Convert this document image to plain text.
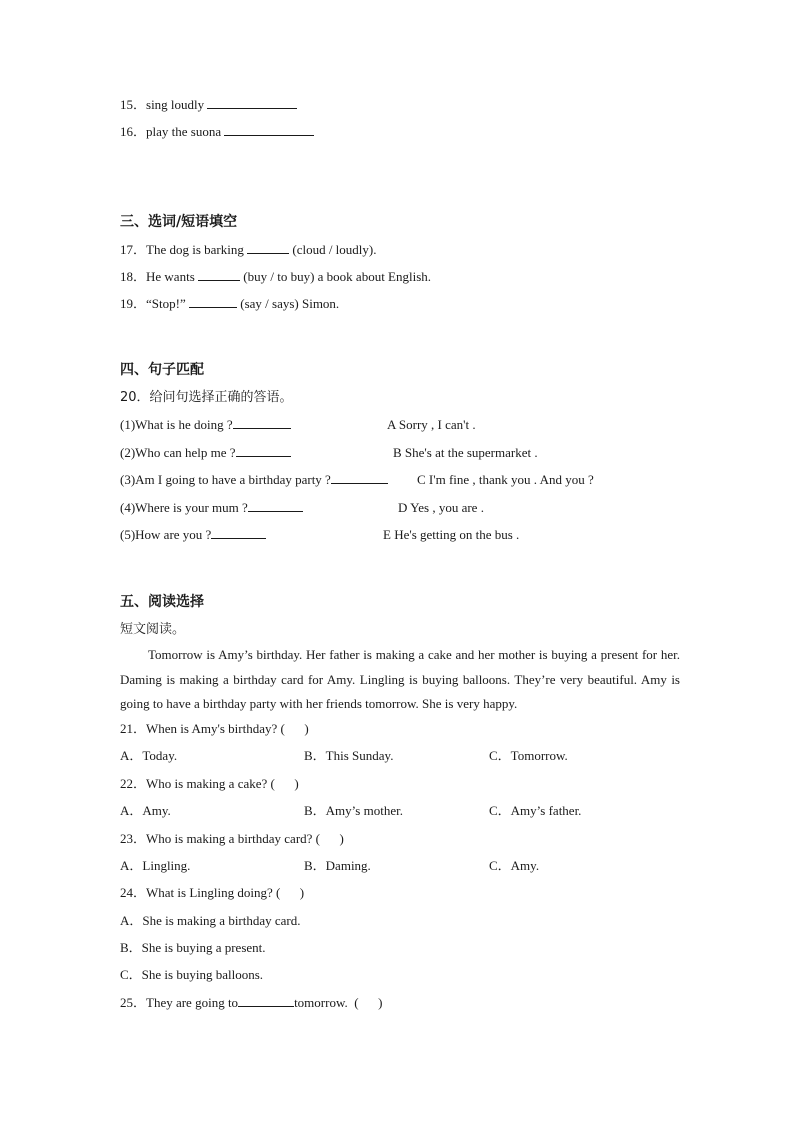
15．sing loudly
16．play the suona
三、选词/短语填空
17．The dog is barking	(cloud / loudly).
18．He wants	(buy / to buy) a book about English.
19．“Stop!”	(say / says) Simon.
四、句子匹配
20．给问句选择正确的答语。
(1)What is he doing ?	A Sorry , I can't .
(2)Who can help me ?	B She's at the supermarket .
(3)Am I going to have a birthday party ?	C I'm fine , thank you . And you ?
(4)Where is your mum ?	D Yes , you are .
(5)How are you ?	E He's getting on the bus .
五、阅读选择
短文阅读。
Tomorrow is Amy’s birthday. Her father is making a cake and her mother is buying a present for her. Daming is making a birthday card for Amy. Lingling is buying balloons. They’re very beautiful. Amy is going to have a birthday party with her friends tomorrow. She is very happy.
21．When is Amy's birthday? (      )
A．Today.	B．This Sunday.	C．Tomorrow.
22．Who is making a cake? (      )
A．Amy.	B．Amy’s mother.	C．Amy’s father.
23．Who is making a birthday card? (      )
A．Lingling.	B．Daming.	C．Amy.
24．What is Lingling doing? (      )
A．She is making a birthday card.
B．She is buying a present.
C．She is buying balloons.
25．They are going to	tomorrow.  (      )
